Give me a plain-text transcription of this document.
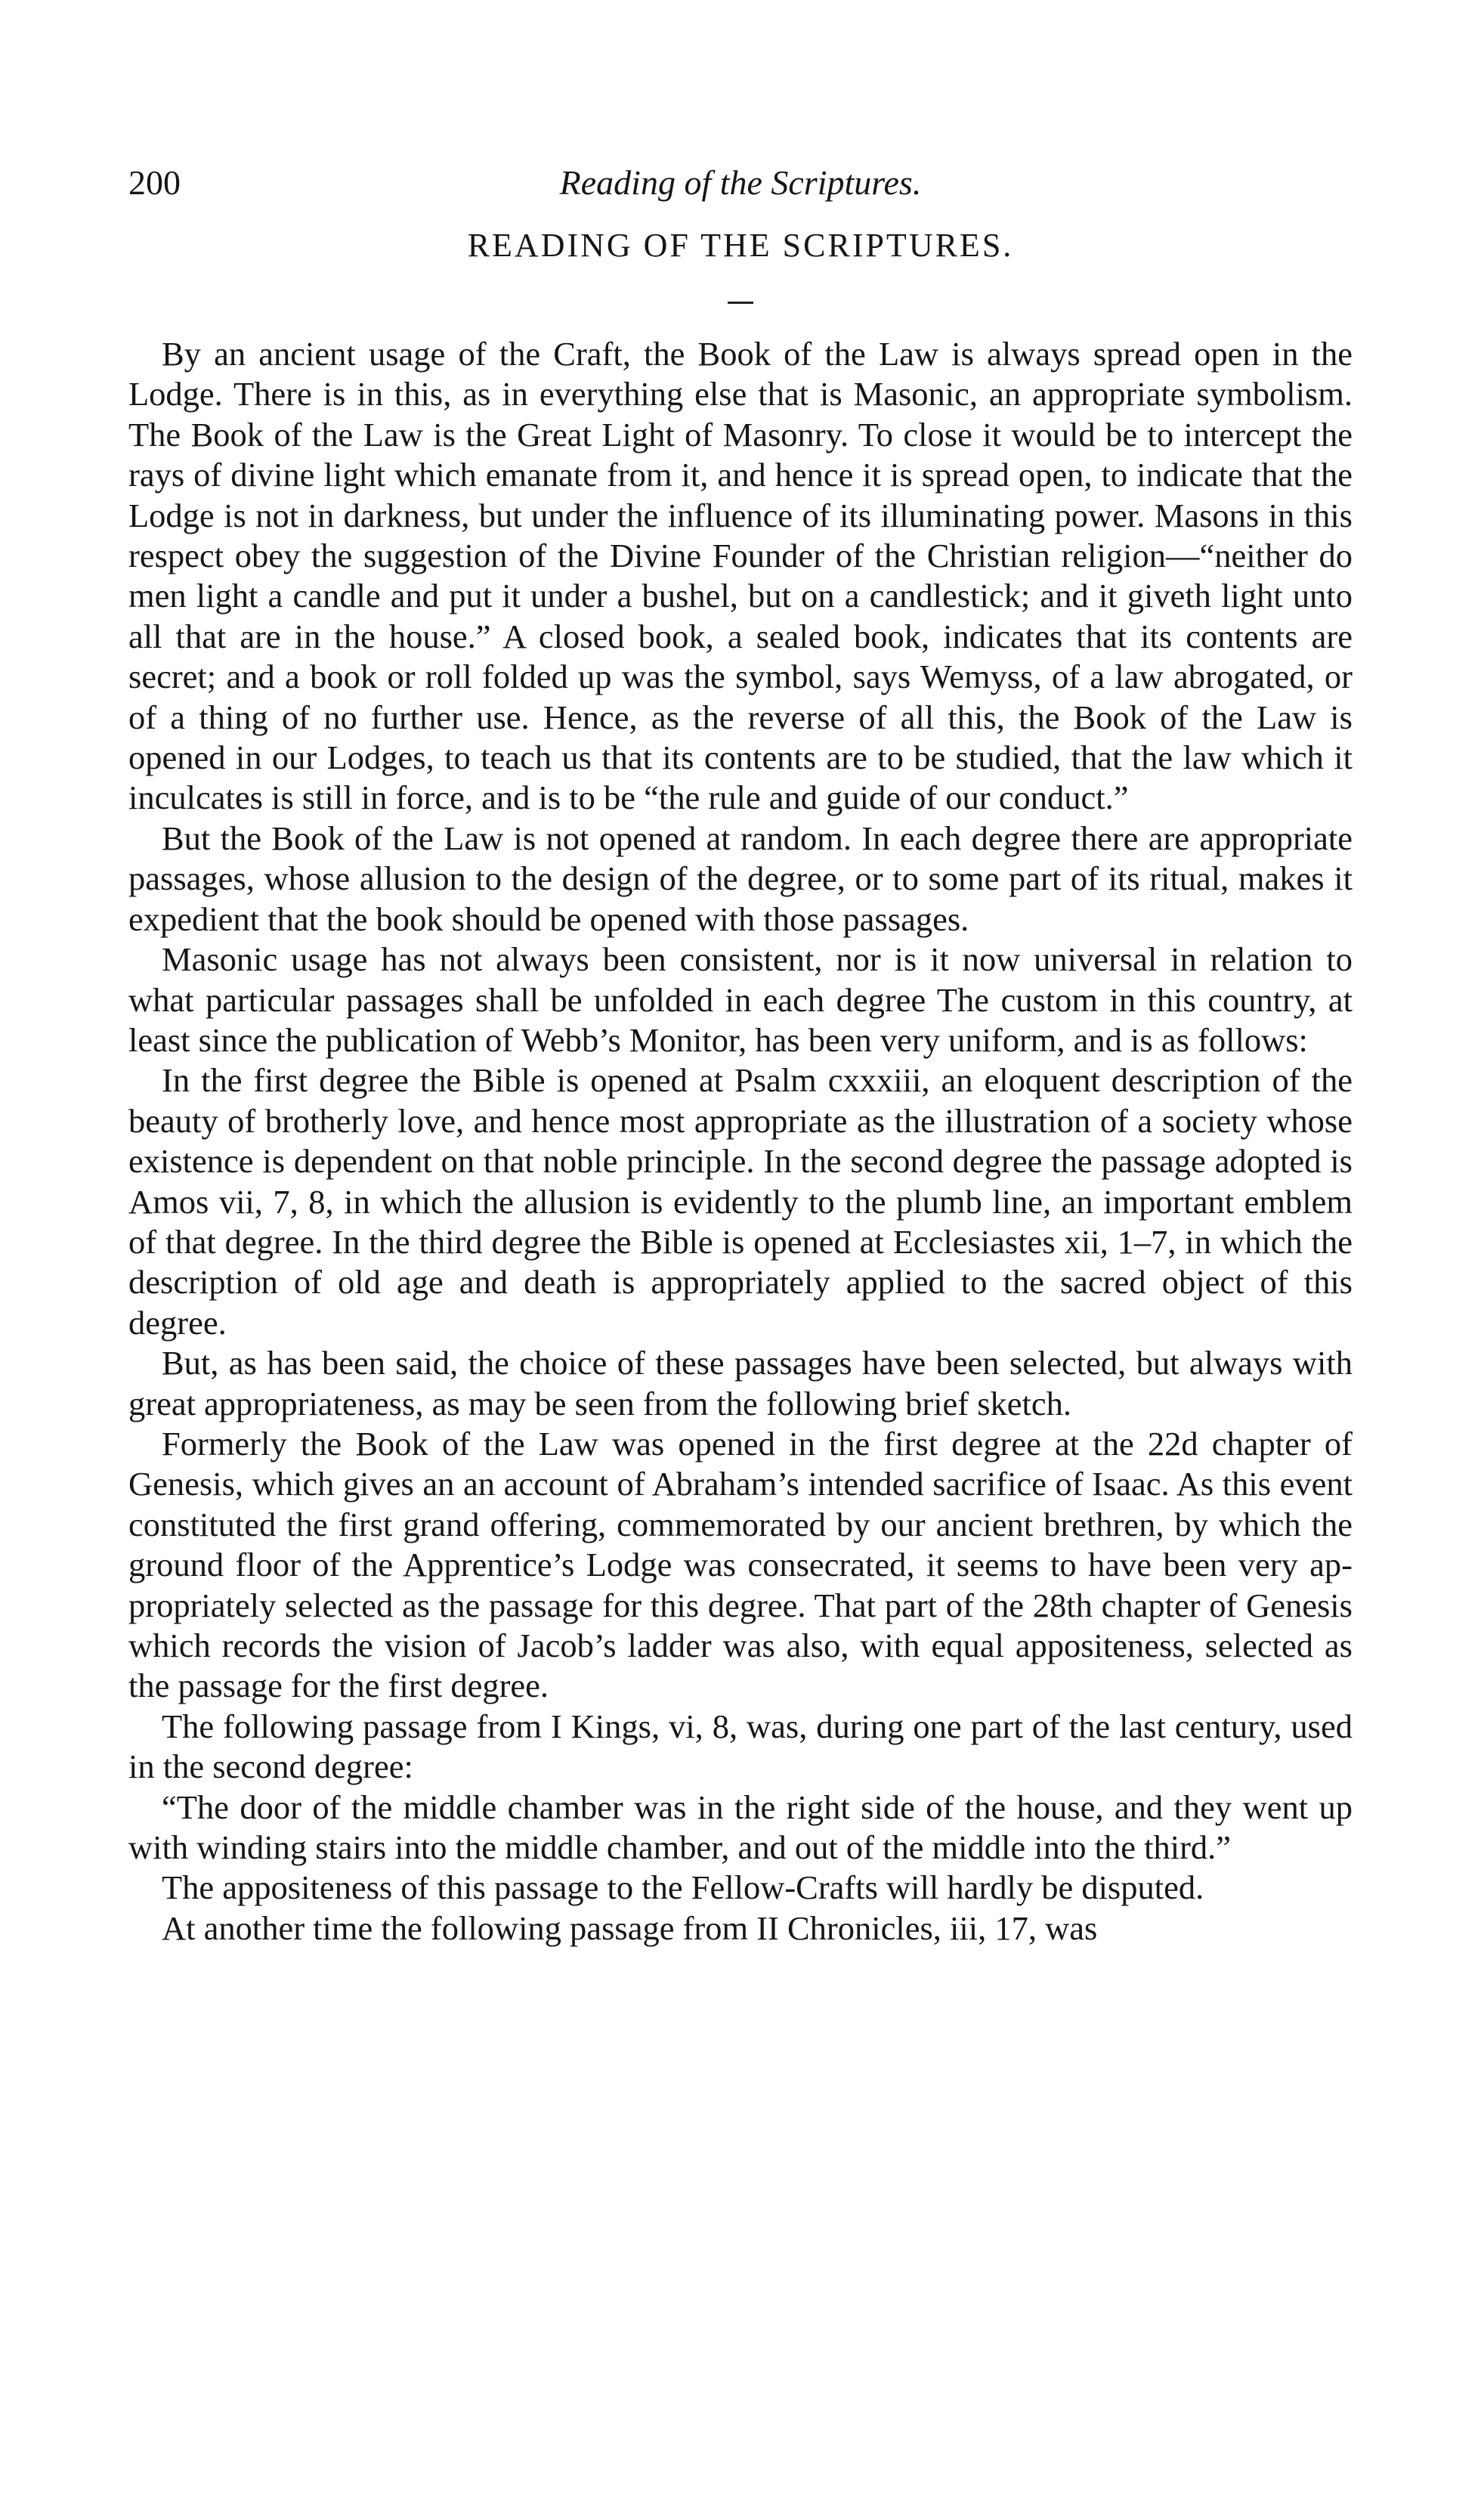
200	Reading of the Scriptures.
READING OF THE SCRIPTURES.

By an ancient usage of the Craft, the Book of the Law is always spread open in the Lodge. There is in this, as in everything else that is Masonic, an appropriate symbolism. The Book of the Law is the Great Light of Masonry. To close it would be to intercept the rays of divine light which emanate from it, and hence it is spread open, to indicate that the Lodge is not in darkness, but under the influence of its illuminating power. Masons in this respect obey the suggestion of the Divine Founder of the Christian religion—“neither do men light a candle and put it under a bushel, but on a candlestick; and it giveth light unto all that are in the house.” A closed book, a sealed book, indicates that its contents are secret; and a book or roll folded up was the symbol, says Wemyss, of a law abrogated, or of a thing of no further use. Hence, as the reverse of all this, the Book of the Law is opened in our Lodges, to teach us that its contents are to be studied, that the law which it inculcates is still in force, and is to be “the rule and guide of our conduct.”

But the Book of the Law is not opened at random. In each degree there are appropriate passages, whose allusion to the design of the degree, or to some part of its ritual, makes it expedient that the book should be opened with those passages.

Masonic usage has not always been consistent, nor is it now universal in relation to what particular passages shall be unfolded in each degree The custom in this country, at least since the publication of Webb’s Monitor, has been very uniform, and is as follows:

In the first degree the Bible is opened at Psalm cxxxiii, an eloquent description of the beauty of brotherly love, and hence most appropriate as the illustration of a society whose existence is dependent on that noble principle. In the second degree the passage adopted is Amos vii, 7, 8, in which the allusion is evidently to the plumb line, an important emblem of that degree. In the third degree the Bible is opened at Ecclesiastes xii, 1–7, in which the description of old age and death is appropriately applied to the sacred object of this degree.

But, as has been said, the choice of these passages have been selected, but always with great appropriateness, as may be seen from the following brief sketch.

Formerly the Book of the Law was opened in the first degree at the 22d chapter of Genesis, which gives an an account of Abraham’s intended sacrifice of Isaac. As this event constituted the first grand offering, commemorated by our ancient brethren, by which the ground floor of the Apprentice’s Lodge was consecrated, it seems to have been very appropriately selected as the passage for this degree. That part of the 28th chapter of Genesis which records the vision of Jacob’s ladder was also, with equal appositeness, selected as the passage for the first degree.

The following passage from I Kings, vi, 8, was, during one part of the last century, used in the second degree:

“The door of the middle chamber was in the right side of the house, and they went up with winding stairs into the middle chamber, and out of the middle into the third.”

The appositeness of this passage to the Fellow-Crafts will hardly be disputed.

At another time the following passage from II Chronicles, iii, 17, was
